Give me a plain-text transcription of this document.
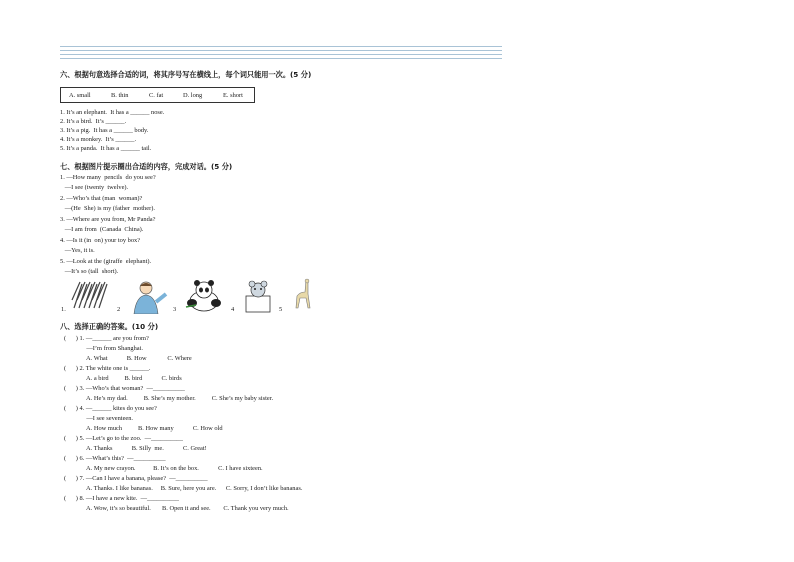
六、根据句意选择合适的词，将其序号写在横线上，每个词只能用一次。(5 分)
A. small	B. thin	C. fat	D. long	E. short
1. It’s an elephant.  It has a ______ nose.
2. It’s a bird.  It’s ______.
3. It’s a pig.  It has a ______ body.
4. It’s a monkey.  It’s ______.
5. It’s a panda.  It has a ______ tail.
七、根据图片提示圈出合适的内容，完成对话。(5 分)
1. —How many  pencils  do you see?
—I see (twenty  twelve).
2. —Who’s that (man  woman)?
—(He  She) is my (father  mother).
3. —Where are you from, Mr Panda?
—I am from  (Canada  China).
4. —Is it (in  on) your toy box?
—Yes, it is.
5. —Look at the (giraffe  elephant).
—It’s so (tall  short).
1.	2	3	4	5
八、选择正确的答案。(10 分)
(      ) 1. —______ are you from?
—I’m from Shanghai.
A. What            B. How             C. Where
(      ) 2. The white one is ______.
A. a bird          B. bird            C. birds
(      ) 3. —Who’s that woman?  —__________
A. He’s my dad.          B. She’s my mother.          C. She’s my baby sister.
(      ) 4. —______ kites do you see?
—I see seventeen.
A. How much          B. How many            C. How old
(      ) 5. —Let’s go to the zoo.  —__________
A. Thanks            B. Silly  me.            C. Great!
(      ) 6. —What’s this?  —__________
A. My new crayon.           B. It’s on the box.            C. I have sixteen.
(      ) 7. —Can I have a banana, please?  —__________
A. Thanks. I like bananas.     B. Sure, here you are.      C. Sorry, I don’t like bananas.
(      ) 8. —I have a new kite.  —__________
A. Wow, it’s so beautiful.       B. Open it and see.        C. Thank you very much.
